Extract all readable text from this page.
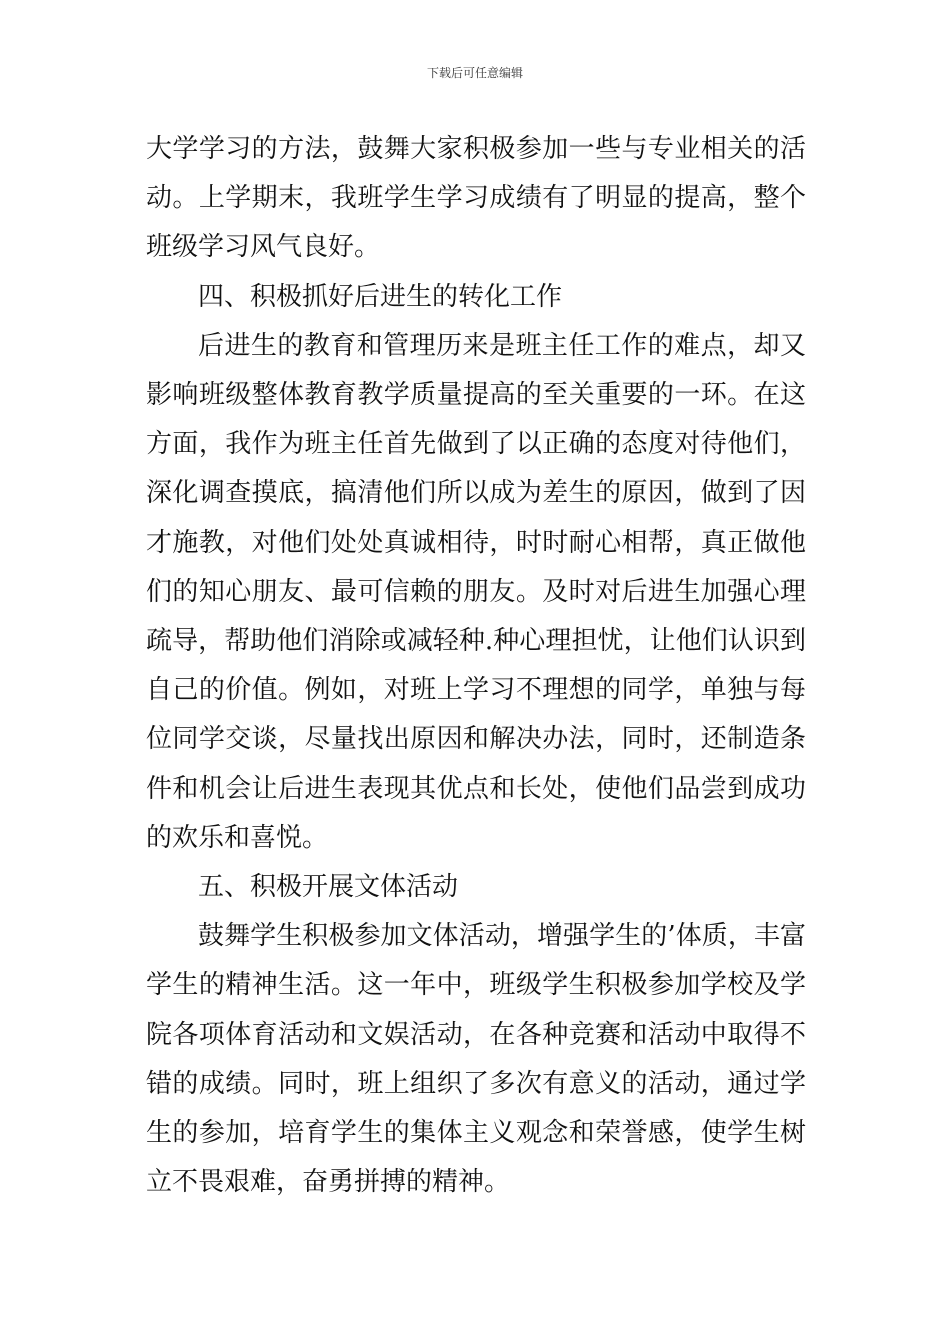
下载后可任意编辑

大学学习的方法，鼓舞大家积极参加一些与专业相关的活动。上学期末，我班学生学习成绩有了明显的提高，整个班级学习风气良好。

四、积极抓好后进生的转化工作

后进生的教育和管理历来是班主任工作的难点，却又影响班级整体教育教学质量提高的至关重要的一环。在这方面，我作为班主任首先做到了以正确的态度对待他们，深化调查摸底，搞清他们所以成为差生的原因，做到了因才施教，对他们处处真诚相待，时时耐心相帮，真正做他们的知心朋友、最可信赖的朋友。及时对后进生加强心理疏导，帮助他们消除或减轻种.种心理担忧，让他们认识到自己的价值。例如，对班上学习不理想的同学，单独与每位同学交谈，尽量找出原因和解决办法，同时，还制造条件和机会让后进生表现其优点和长处，使他们品尝到成功的欢乐和喜悦。

五、积极开展文体活动

鼓舞学生积极参加文体活动，增强学生的’体质，丰富学生的精神生活。这一年中，班级学生积极参加学校及学院各项体育活动和文娱活动，在各种竞赛和活动中取得不错的成绩。同时，班上组织了多次有意义的活动，通过学生的参加，培育学生的集体主义观念和荣誉感，使学生树立不畏艰难，奋勇拼搏的精神。
